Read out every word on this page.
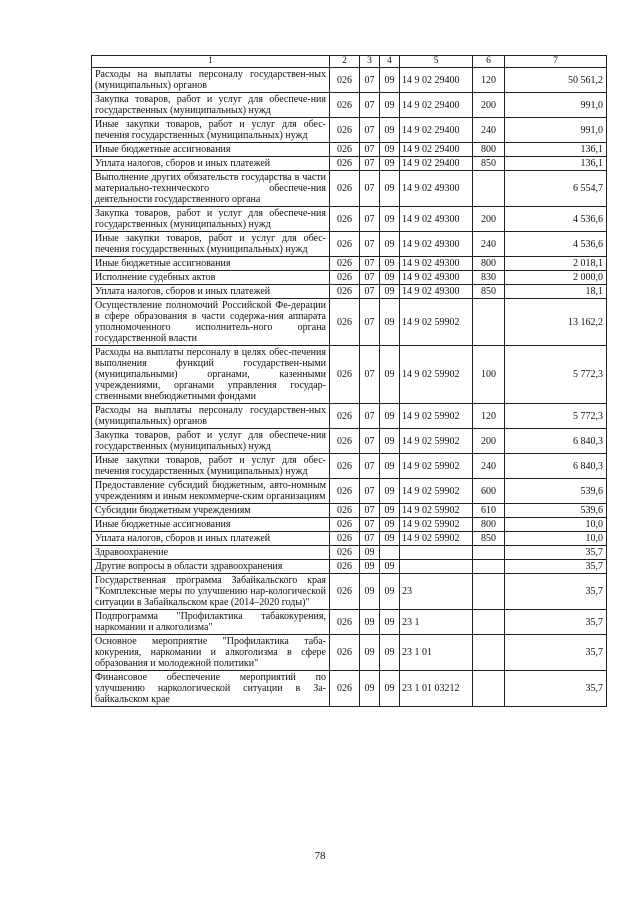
1	2	3	4	5	6	7
Расходы на выплаты персоналу государствен-ных (муниципальных) органов	026	07	09	14 9 02 29400	120	50 561,2
Закупка товаров, работ и услуг для обеспече-ния государственных (муниципальных) нужд	026	07	09	14 9 02 29400	200	991,0
Иные закупки товаров, работ и услуг для обес-печения государственных (муниципальных) нужд	026	07	09	14 9 02 29400	240	991,0
Иные бюджетные ассигнования	026	07	09	14 9 02 29400	800	136,1
Уплата налогов, сборов и иных платежей	026	07	09	14 9 02 29400	850	136,1
Выполнение других обязательств государства в части материально-технического обеспече-ния деятельности государственного органа	026	07	09	14 9 02 49300		6 554,7
Закупка товаров, работ и услуг для обеспече-ния государственных (муниципальных) нужд	026	07	09	14 9 02 49300	200	4 536,6
Иные закупки товаров, работ и услуг для обес-печения государственных (муниципальных) нужд	026	07	09	14 9 02 49300	240	4 536,6
Иные бюджетные ассигнования	026	07	09	14 9 02 49300	800	2 018,1
Исполнение судебных актов	026	07	09	14 9 02 49300	830	2 000,0
Уплата налогов, сборов и иных платежей	026	07	09	14 9 02 49300	850	18,1
Осуществление полномочий Российской Фе-дерации в сфере образования в части содержа-ния аппарата уполномоченного исполнитель-ного органа государственной власти	026	07	09	14 9 02 59902		13 162,2
Расходы на выплаты персоналу в целях обес-печения выполнения функций государствен-ными (муниципальными) органами, казенными учреждениями, органами управления государ-ственными внебюджетными фондами	026	07	09	14 9 02 59902	100	5 772,3
Расходы на выплаты персоналу государствен-ных (муниципальных) органов	026	07	09	14 9 02 59902	120	5 772,3
Закупка товаров, работ и услуг для обеспече-ния государственных (муниципальных) нужд	026	07	09	14 9 02 59902	200	6 840,3
Иные закупки товаров, работ и услуг для обес-печения государственных (муниципальных) нужд	026	07	09	14 9 02 59902	240	6 840,3
Предоставление субсидий бюджетным, авто-номным учреждениям и иным некоммерче-ским организациям	026	07	09	14 9 02 59902	600	539,6
Субсидии бюджетным учреждениям	026	07	09	14 9 02 59902	610	539,6
Иные бюджетные ассигнования	026	07	09	14 9 02 59902	800	10,0
Уплата налогов, сборов и иных платежей	026	07	09	14 9 02 59902	850	10,0
Здравоохранение	026	09				35,7
Другие вопросы в области здравоохранения	026	09	09			35,7
Государственная программа Забайкальского края "Комплексные меры по улучшению нар-кологической ситуации в Забайкальском крае (2014–2020 годы)"	026	09	09	23		35,7
Подпрограмма "Профилактика табакокурения, наркомании и алкоголизма"	026	09	09	23 1		35,7
Основное мероприятие "Профилактика таба-кокурения, наркомании и алкоголизма в сфере образования и молодежной политики"	026	09	09	23 1 01		35,7
Финансовое обеспечение мероприятий по улучшению наркологической ситуации в За-байкальском крае	026	09	09	23 1 01 03212		35,7
78
